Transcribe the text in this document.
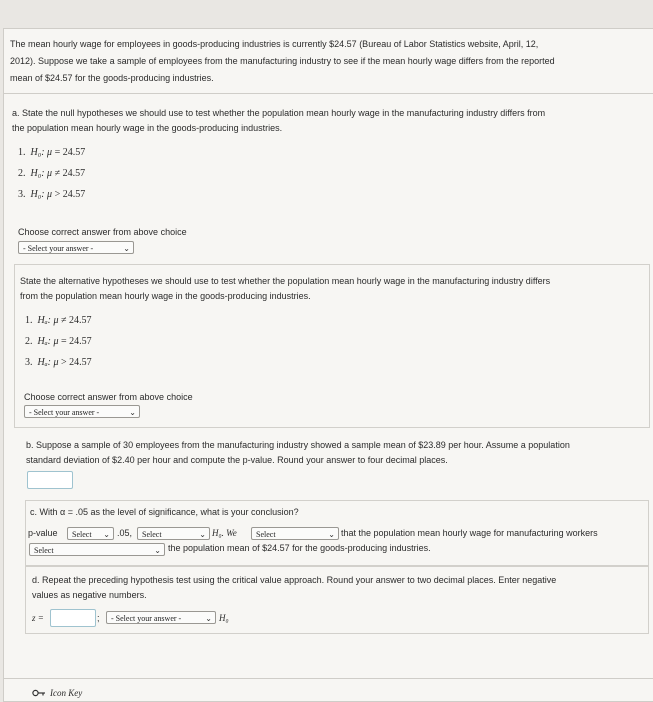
The mean hourly wage for employees in goods-producing industries is currently $24.57 (Bureau of Labor Statistics website, April, 12,
2012). Suppose we take a sample of employees from the manufacturing industry to see if the mean hourly wage differs from the reported
mean of $24.57 for the goods-producing industries.
a. State the null hypotheses we should use to test whether the population mean hourly wage in the manufacturing industry differs from
the population mean hourly wage in the goods-producing industries.
1. H₀: μ = 24.57
2. H₀: μ ≠ 24.57
3. H₀: μ > 24.57
Choose correct answer from above choice
- Select your answer -	⌄
State the alternative hypotheses we should use to test whether the population mean hourly wage in the manufacturing industry differs
from the population mean hourly wage in the goods-producing industries.
1. Hₐ: μ ≠ 24.57
2. Hₐ: μ = 24.57
3. Hₐ: μ > 24.57
Choose correct answer from above choice
- Select your answer -	⌄
b. Suppose a sample of 30 employees from the manufacturing industry showed a sample mean of $23.89 per hour. Assume a population
standard deviation of $2.40 per hour and compute the p-value. Round your answer to four decimal places.
c. With α = .05 as the level of significance, what is your conclusion?
p-value	Select ⌄ .05,	Select	⌄ H₀. We	Select	⌄ that the population mean hourly wage for manufacturing workers
Select	⌄ the population mean of $24.57 for the goods-producing industries.
d. Repeat the preceding hypothesis test using the critical value approach. Round your answer to two decimal places. Enter negative
values as negative numbers.
z =	;	- Select your answer -	⌄ H₀
Icon Key
